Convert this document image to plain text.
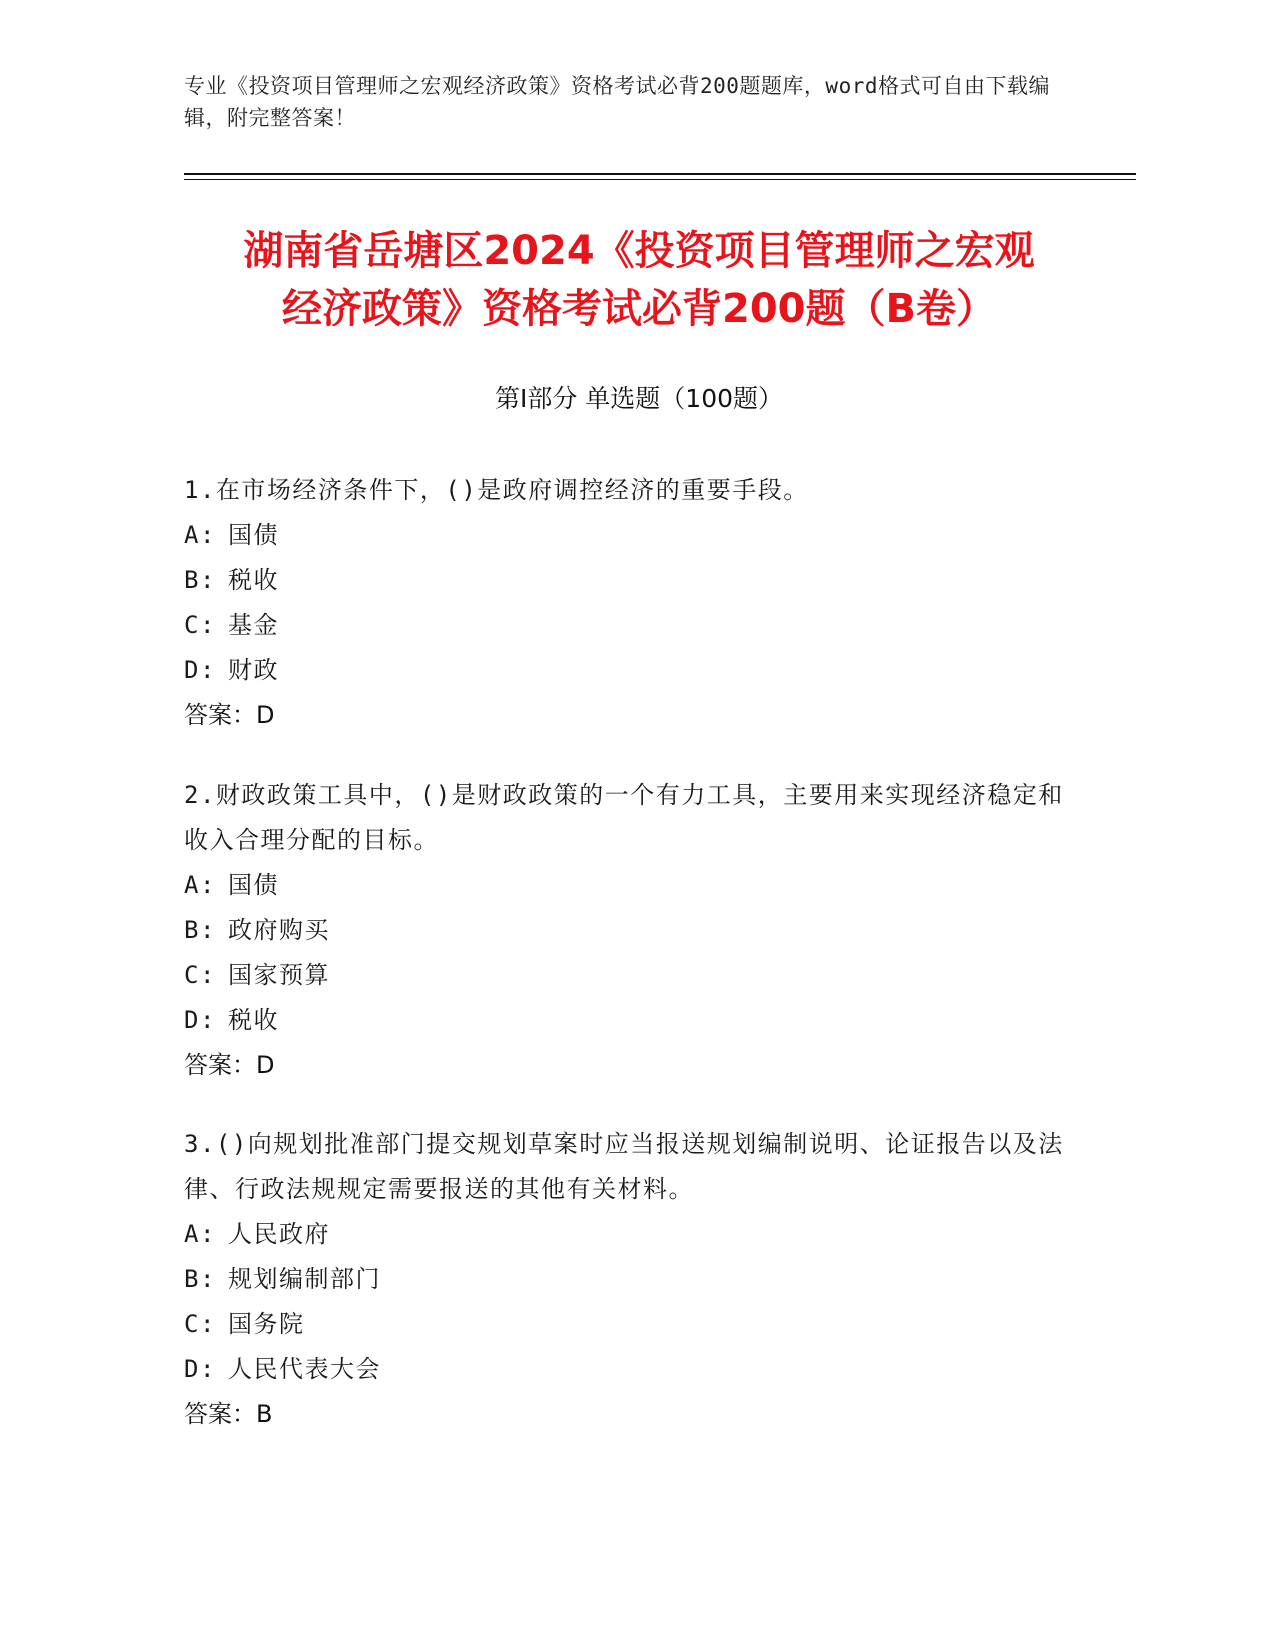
专业《投资项目管理师之宏观经济政策》资格考试必背200题题库，word格式可自由下载编辑，附完整答案！
湖南省岳塘区2024《投资项目管理师之宏观
经济政策》资格考试必背200题（B卷）
第I部分 单选题（100题）
1.在市场经济条件下，()是政府调控经济的重要手段。
A: 国债
B: 税收
C: 基金
D: 财政
答案：D
2.财政政策工具中，()是财政政策的一个有力工具，主要用来实现经济稳定和收入合理分配的目标。
A: 国债
B: 政府购买
C: 国家预算
D: 税收
答案：D
3.()向规划批准部门提交规划草案时应当报送规划编制说明、论证报告以及法律、行政法规规定需要报送的其他有关材料。
A: 人民政府
B: 规划编制部门
C: 国务院
D: 人民代表大会
答案：B
